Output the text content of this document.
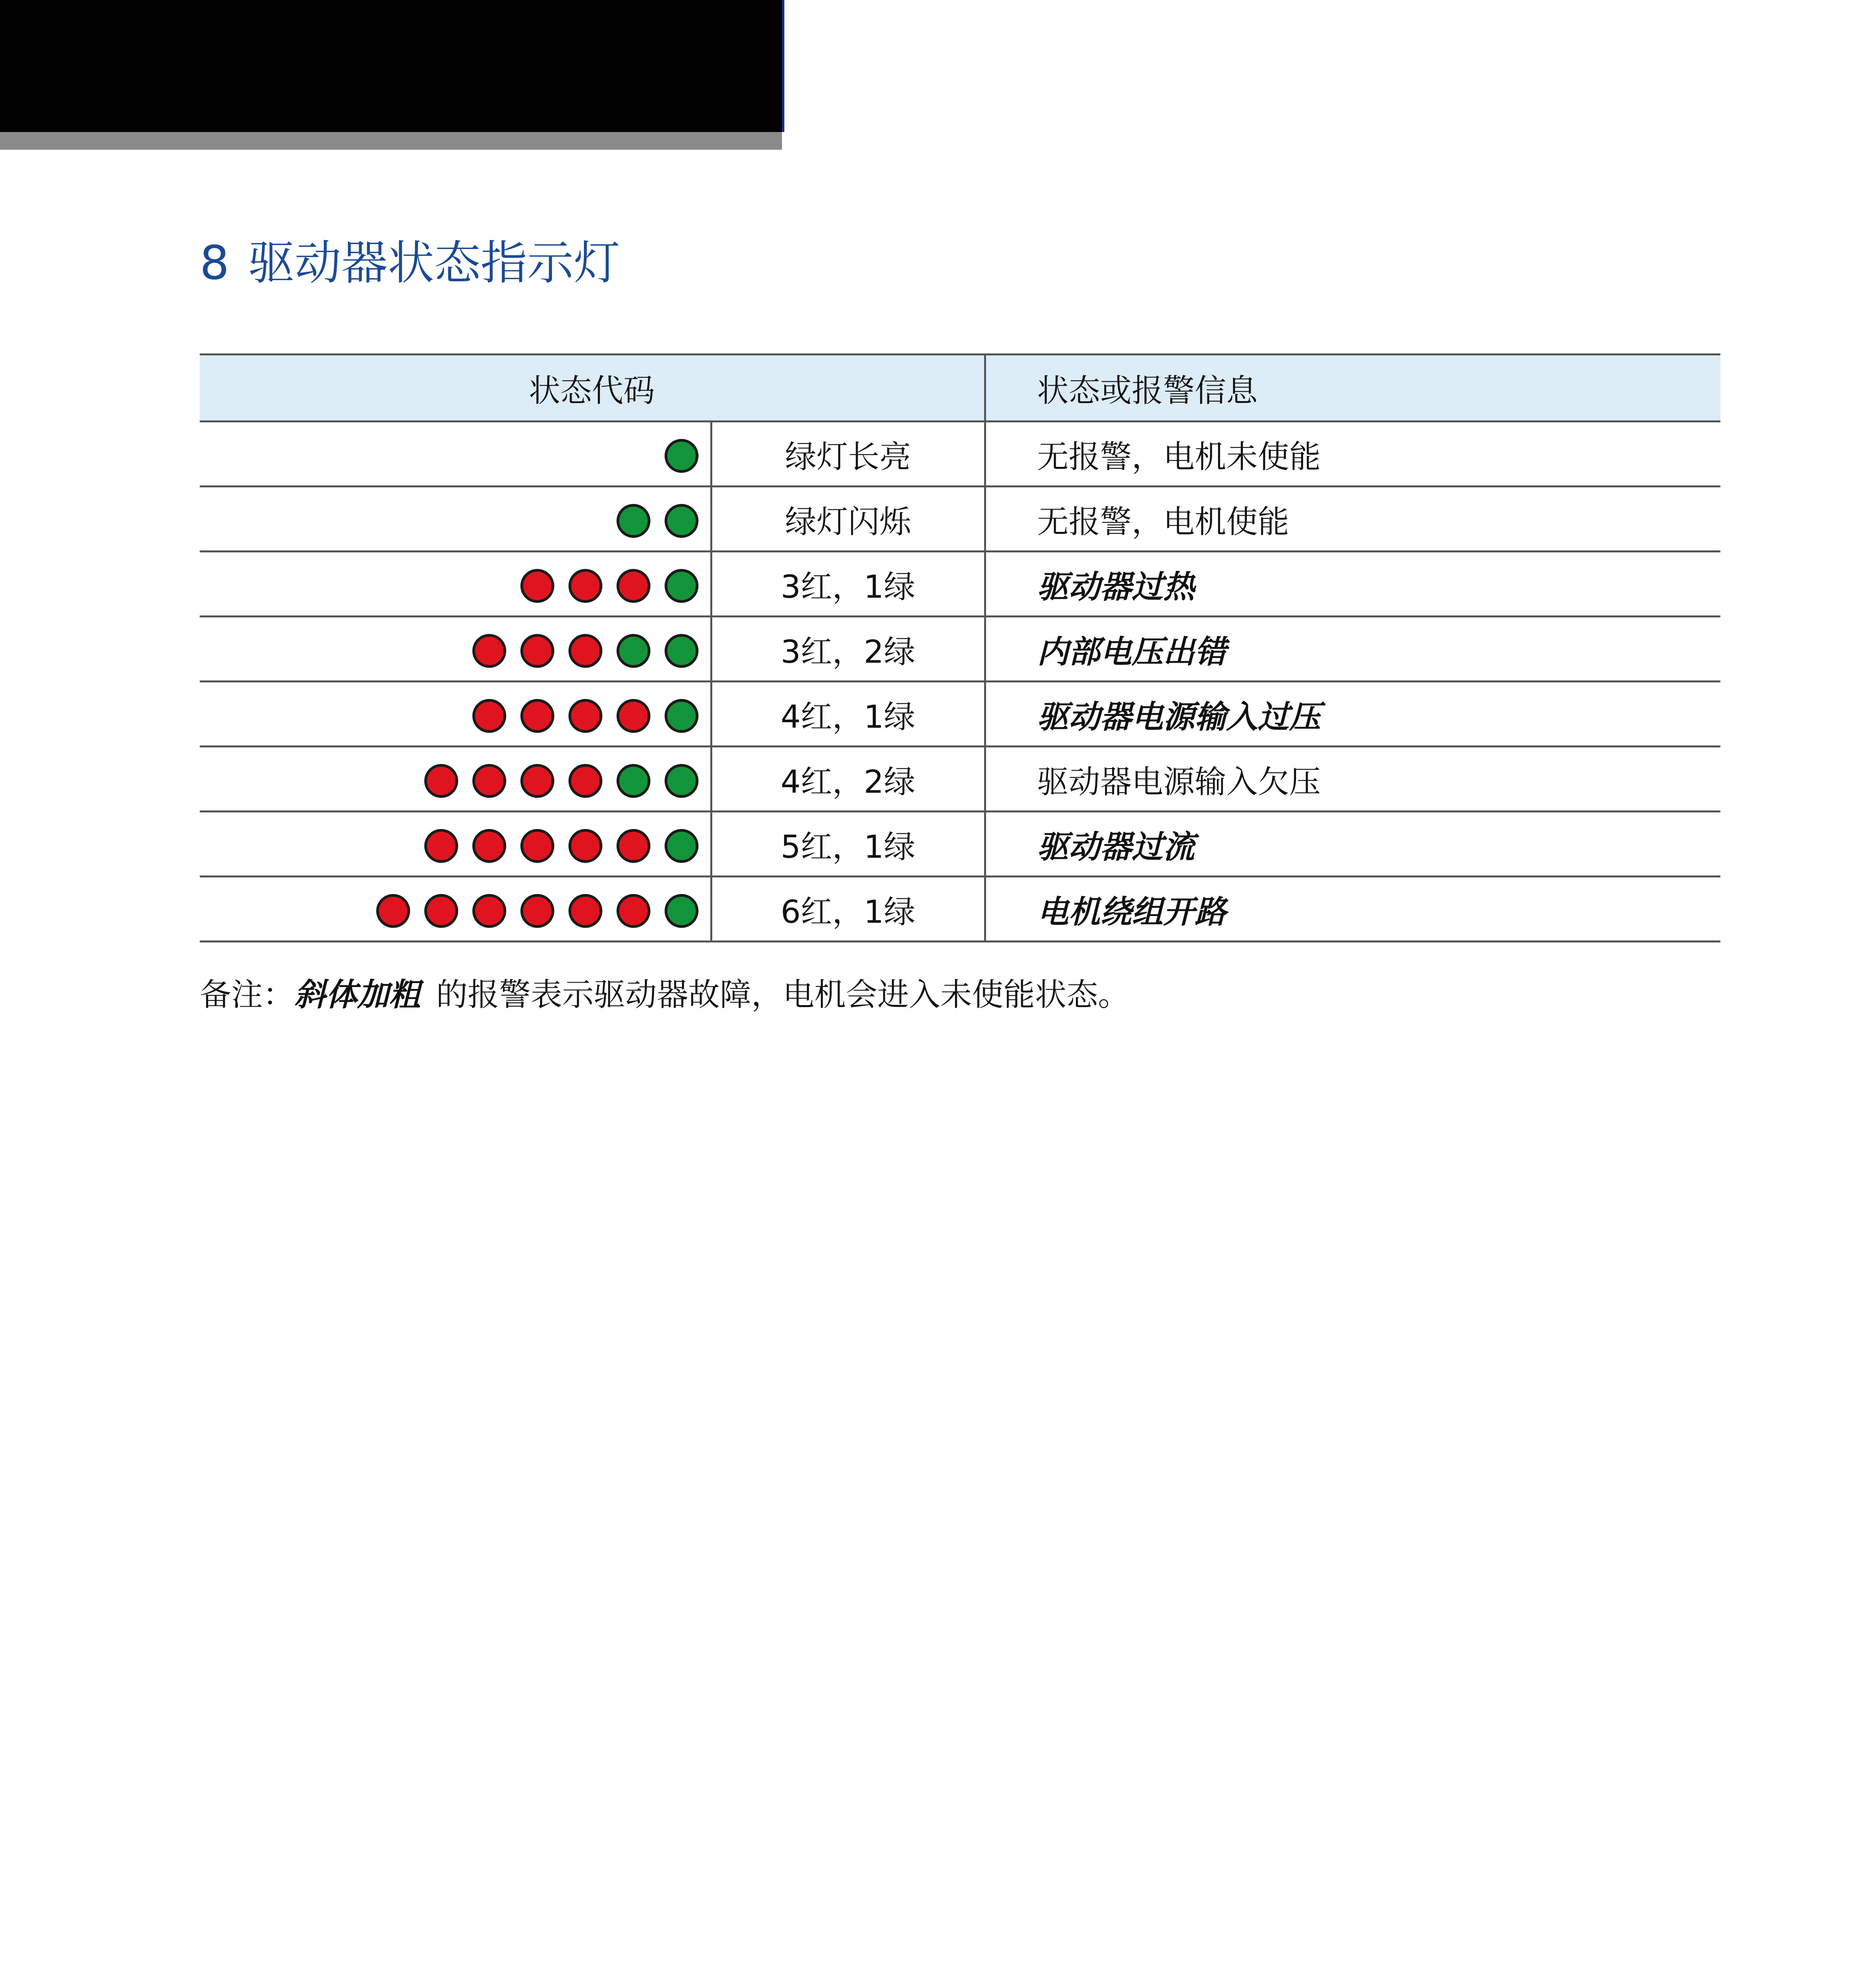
8 驱动器状态指示灯
状态代码		状态或报警信息
	绿灯长亮	无报警，电机未使能
	绿灯闪烁	无报警，电机使能
	3红，1绿	驱动器过热
	3红，2绿	内部电压出错
	4红，1绿	驱动器电源输入过压
	4红，2绿	驱动器电源输入欠压
	5红，1绿	驱动器过流
	6红，1绿	电机绕组开路
备注：斜体加粗 的报警表示驱动器故障，电机会进入未使能状态。
